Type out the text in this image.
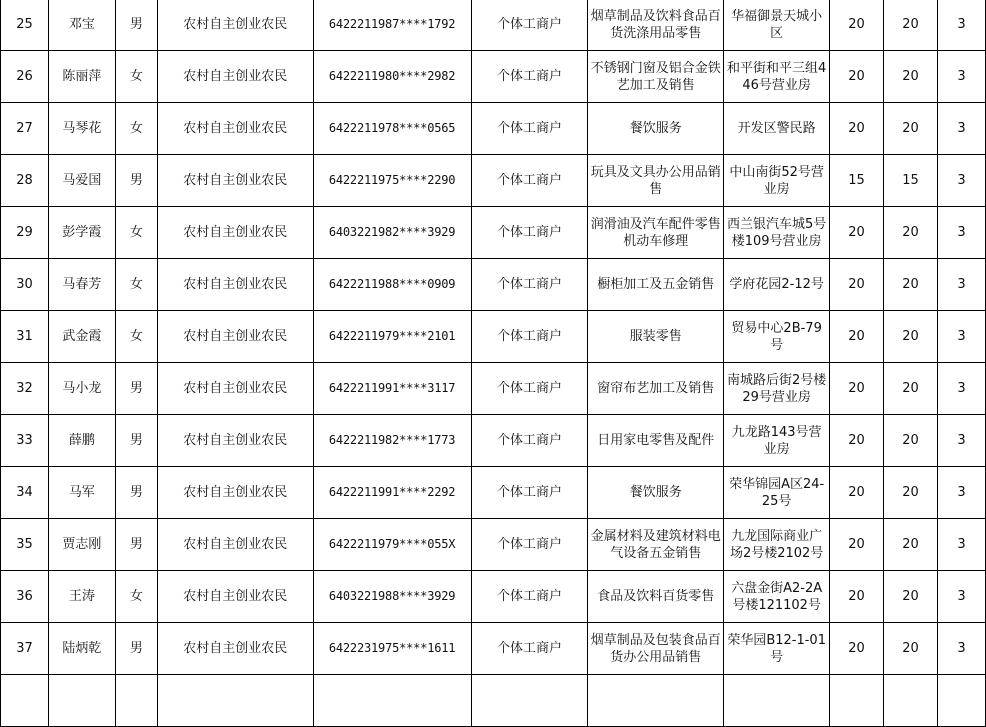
25	邓宝	男	农村自主创业农民	6422211987****1792	个体工商户	烟草制品及饮料食品百货洗涤用品零售	华福御景天城小区	20	20	3
26	陈丽萍	女	农村自主创业农民	6422211980****2982	个体工商户	不锈钢门窗及铝合金铁艺加工及销售	和平街和平三组446号营业房	20	20	3
27	马琴花	女	农村自主创业农民	6422211978****0565	个体工商户	餐饮服务	开发区警民路	20	20	3
28	马爱国	男	农村自主创业农民	6422211975****2290	个体工商户	玩具及文具办公用品销售	中山南街52号营业房	15	15	3
29	彭学霞	女	农村自主创业农民	6403221982****3929	个体工商户	润滑油及汽车配件零售机动车修理	西兰银汽车城5号楼109号营业房	20	20	3
30	马春芳	女	农村自主创业农民	6422211988****0909	个体工商户	橱柜加工及五金销售	学府花园2-12号	20	20	3
31	武金霞	女	农村自主创业农民	6422211979****2101	个体工商户	服装零售	贸易中心2B-79号	20	20	3
32	马小龙	男	农村自主创业农民	6422211991****3117	个体工商户	窗帘布艺加工及销售	南城路后街2号楼29号营业房	20	20	3
33	薛鹏	男	农村自主创业农民	6422211982****1773	个体工商户	日用家电零售及配件	九龙路143号营业房	20	20	3
34	马军	男	农村自主创业农民	6422211991****2292	个体工商户	餐饮服务	荣华锦园A区24-25号	20	20	3
35	贾志刚	男	农村自主创业农民	6422211979****055X	个体工商户	金属材料及建筑材料电气设备五金销售	九龙国际商业广场2号楼2102号	20	20	3
36	王涛	女	农村自主创业农民	6403221988****3929	个体工商户	食品及饮料百货零售	六盘金街A2-2A号楼121102号	20	20	3
37	陆炳乾	男	农村自主创业农民	6422231975****1611	个体工商户	烟草制品及包装食品百货办公用品销售	荣华园B12-1-01号	20	20	3
